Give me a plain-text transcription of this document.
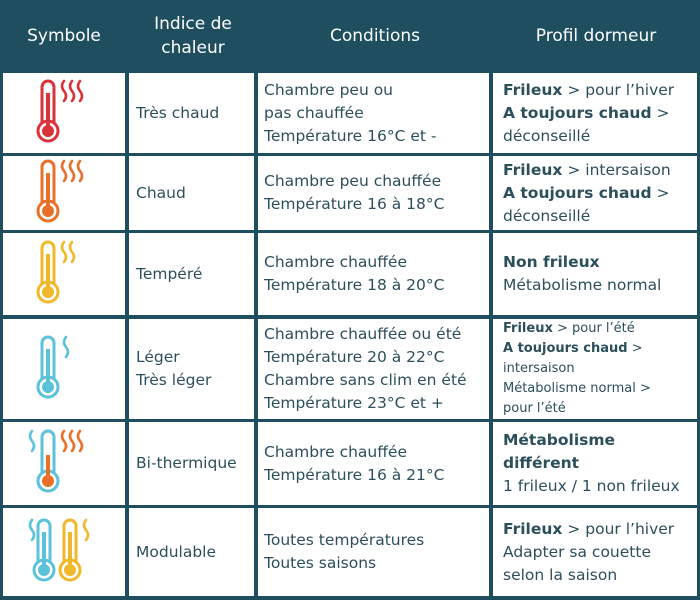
Symbole
Indice de
chaleur
Conditions	Profil dormeur
Très chaud
Chambre peu ou
pas chauffée
Température 16°C et -
Frileux > pour l’hiver
A toujours chaud >
déconseillé
Chaud
Chambre peu chauffée
Température 16 à 18°C
Frileux > intersaison
A toujours chaud >
déconseillé
Tempéré
Chambre chauffée
Température 18 à 20°C
Non frileux
Métabolisme normal
Léger
Très léger
Chambre chauffée ou été
Température 20 à 22°C
Chambre sans clim en été
Température 23°C et +
Frileux > pour l’été
A toujours chaud >
intersaison
Métabolisme normal >
pour l’été
Bi-thermique
Chambre chauffée
Température 16 à 21°C
Métabolisme
différent
1 frileux / 1 non frileux
Modulable
Toutes températures
Toutes saisons
Frileux > pour l’hiver
Adapter sa couette
selon la saison
